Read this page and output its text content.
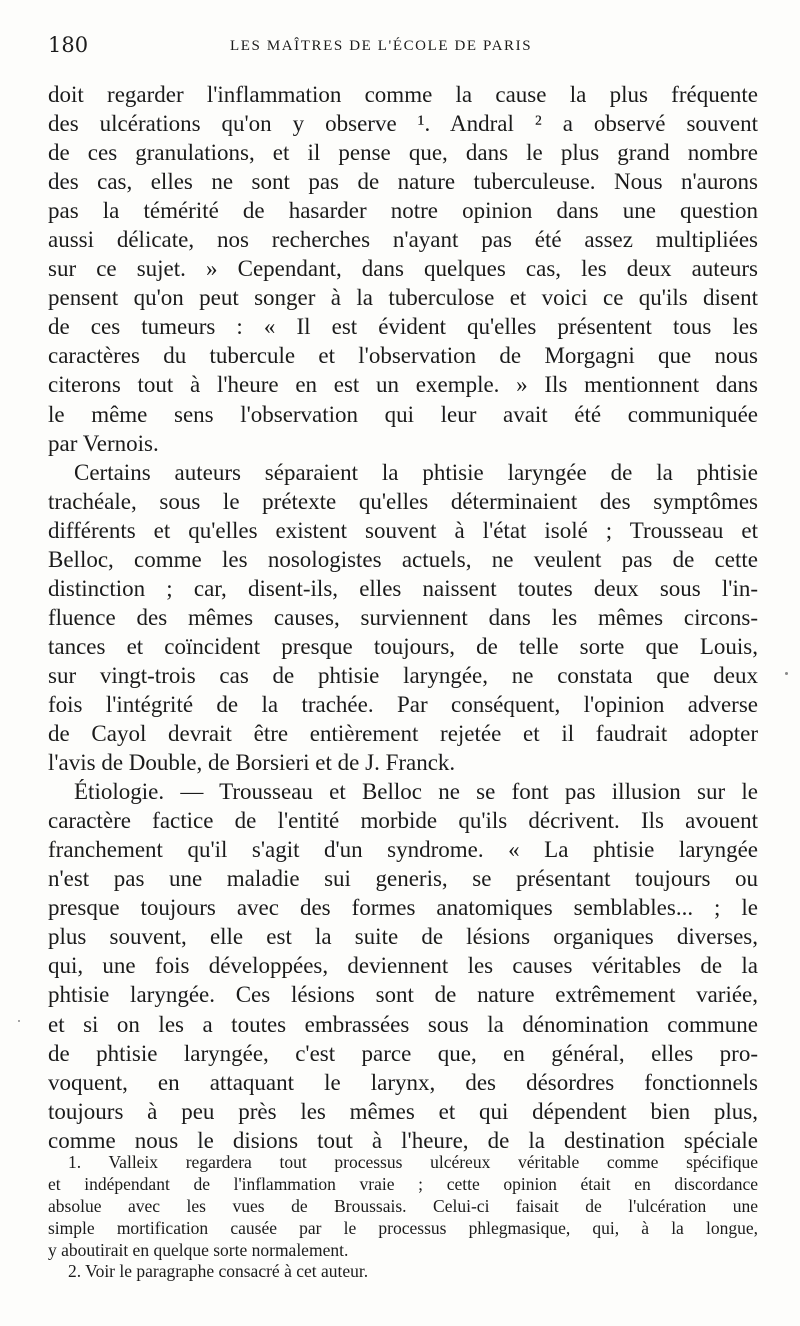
180	LES MAÎTRES DE L'ÉCOLE DE PARIS
doit regarder l'inflammation comme la cause la plus fréquente
des ulcérations qu'on y observe ¹. Andral ² a observé souvent
de ces granulations, et il pense que, dans le plus grand nombre
des cas, elles ne sont pas de nature tuberculeuse. Nous n'aurons
pas la témérité de hasarder notre opinion dans une question
aussi délicate, nos recherches n'ayant pas été assez multipliées
sur ce sujet. » Cependant, dans quelques cas, les deux auteurs
pensent qu'on peut songer à la tuberculose et voici ce qu'ils disent
de ces tumeurs : « Il est évident qu'elles présentent tous les
caractères du tubercule et l'observation de Morgagni que nous
citerons tout à l'heure en est un exemple. » Ils mentionnent dans
le même sens l'observation qui leur avait été communiquée
par Vernois.
Certains auteurs séparaient la phtisie laryngée de la phtisie
trachéale, sous le prétexte qu'elles déterminaient des symptômes
différents et qu'elles existent souvent à l'état isolé ; Trousseau et
Belloc, comme les nosologistes actuels, ne veulent pas de cette
distinction ; car, disent-ils, elles naissent toutes deux sous l'in-
fluence des mêmes causes, surviennent dans les mêmes circons-
tances et coïncident presque toujours, de telle sorte que Louis,
sur vingt-trois cas de phtisie laryngée, ne constata que deux
fois l'intégrité de la trachée. Par conséquent, l'opinion adverse
de Cayol devrait être entièrement rejetée et il faudrait adopter
l'avis de Double, de Borsieri et de J. Franck.
Étiologie. — Trousseau et Belloc ne se font pas illusion sur le
caractère factice de l'entité morbide qu'ils décrivent. Ils avouent
franchement qu'il s'agit d'un syndrome. « La phtisie laryngée
n'est pas une maladie sui generis, se présentant toujours ou
presque toujours avec des formes anatomiques semblables... ; le
plus souvent, elle est la suite de lésions organiques diverses,
qui, une fois développées, deviennent les causes véritables de la
phtisie laryngée. Ces lésions sont de nature extrêmement variée,
et si on les a toutes embrassées sous la dénomination commune
de phtisie laryngée, c'est parce que, en général, elles pro-
voquent, en attaquant le larynx, des désordres fonctionnels
toujours à peu près les mêmes et qui dépendent bien plus,
comme nous le disions tout à l'heure, de la destination spéciale
1. Valleix regardera tout processus ulcéreux véritable comme spécifique
et indépendant de l'inflammation vraie ; cette opinion était en discordance
absolue avec les vues de Broussais. Celui-ci faisait de l'ulcération une
simple mortification causée par le processus phlegmasique, qui, à la longue,
y aboutirait en quelque sorte normalement.
2. Voir le paragraphe consacré à cet auteur.
